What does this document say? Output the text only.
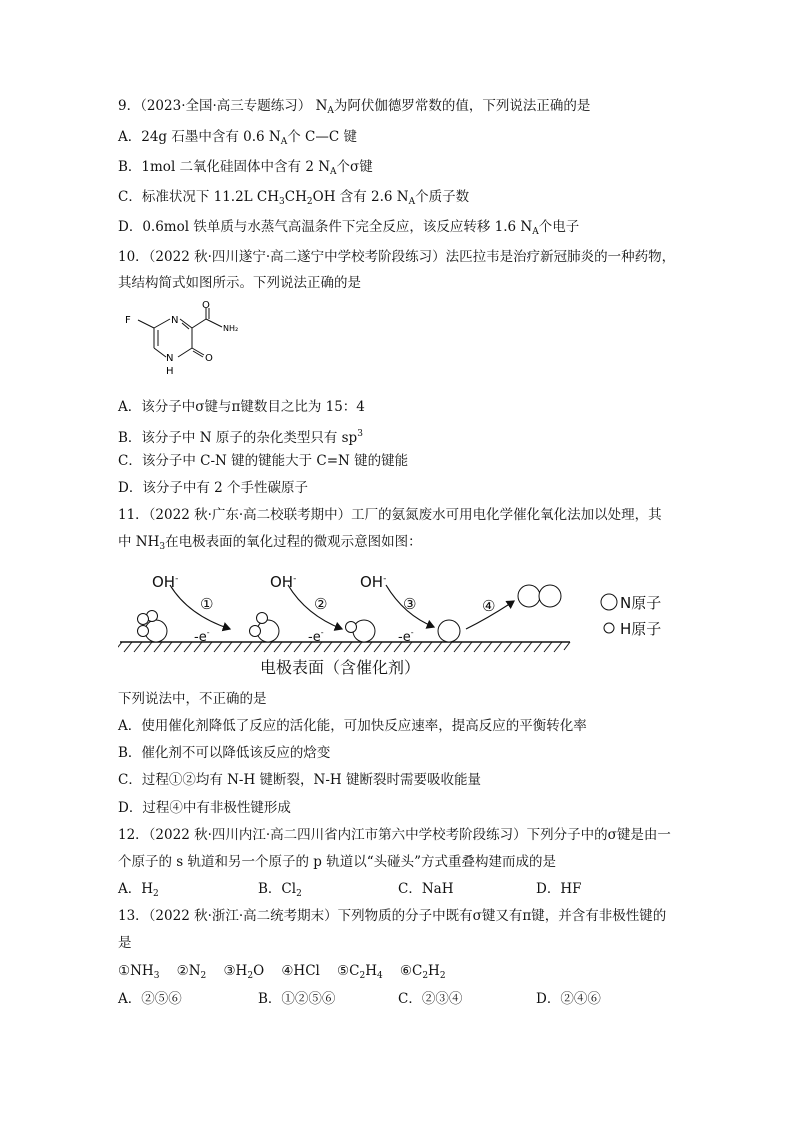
9．（2023·全国·高三专题练习） $N_A$为阿伏伽德罗常数的值，下列说法正确的是
A．24g 石墨中含有 0.6 $N_A$个 C—C 键
B．1mol 二氧化硅固体中含有 2 $N_A$个σ键
C．标准状况下 11.2L $CH_3CH_2OH$ 含有 2.6 $N_A$个质子数
D．0.6mol 铁单质与水蒸气高温条件下完全反应，该反应转移 1.6 $N_A$个电子
10．（2022 秋·四川遂宁·高二遂宁中学校考阶段练习）法匹拉韦是治疗新冠肺炎的一种药物，
其结构简式如图所示。下列说法正确的是
F
O
NH₂
N
N
H
O
A．该分子中σ键与π键数目之比为 15：4
B．该分子中 N 原子的杂化类型只有 $sp^3$
C．该分子中 C-N 键的键能大于 C=N 键的键能
D．该分子中有 2 个手性碳原子
11．（2022 秋·广东·高二校联考期中）工厂的氨氮废水可用电化学催化氧化法加以处理，其
中 $NH_3$在电极表面的氧化过程的微观示意图如图：
OH-	OH-	OH-
①	②	③	④
-e-	-e-	-e-
N原子
H原子
电极表面（含催化剂）
下列说法中，不正确的是
A．使用催化剂降低了反应的活化能，可加快反应速率，提高反应的平衡转化率
B．催化剂不可以降低该反应的焓变
C．过程①②均有 N-H 键断裂，N-H 键断裂时需要吸收能量
D．过程④中有非极性键形成
12．（2022 秋·四川内江·高二四川省内江市第六中学校考阶段练习）下列分子中的σ键是由一
个原子的 s 轨道和另一个原子的 p 轨道以“头碰头”方式重叠构建而成的是
A．$H_2$	B．$Cl_2$	C．NaH	D．HF
13．（2022 秋·浙江·高二统考期末）下列物质的分子中既有σ键又有π键，并含有非极性键的
是
$①NH_3$ $②N_2$ $③H_2O$ ④HCl $⑤C_2H_4$ $⑥C_2H_2$
A．②⑤⑥	B．①②⑤⑥	C．②③④	D．②④⑥
